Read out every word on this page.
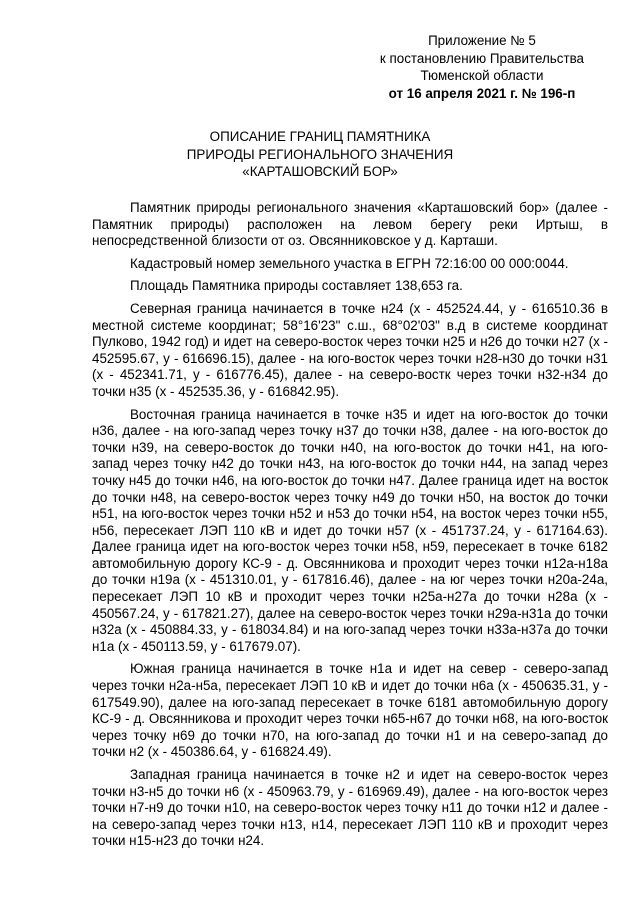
Приложение № 5
к постановлению Правительства
Тюменской области
от 16 апреля 2021 г. № 196-п
ОПИСАНИЕ ГРАНИЦ ПАМЯТНИКА
ПРИРОДЫ РЕГИОНАЛЬНОГО ЗНАЧЕНИЯ
«КАРТАШОВСКИЙ БОР»

Памятник природы регионального значения «Карташовский бор» (далее - Памятник природы) расположен на левом берегу реки Иртыш, в непосредственной близости от оз. Овсянниковское у д. Карташи.

Кадастровый номер земельного участка в ЕГРН 72:16:00 00 000:0044.

Площадь Памятника природы составляет 138,653 га.

Северная граница начинается в точке н24 (х - 452524.44, у - 616510.36 в местной системе координат; 58°16'23" с.ш., 68°02'03" в.д в системе координат Пулково, 1942 год) и идет на северо-восток через точки н25 и н26 до точки н27 (х - 452595.67, у - 616696.15), далее - на юго-восток через точки н28-н30 до точки н31 (х - 452341.71, у - 616776.45), далее - на северо-востк через точки н32-н34 до точки н35 (х - 452535.36, у - 616842.95).

Восточная граница начинается в точке н35 и идет на юго-восток до точки н36, далее - на юго-запад через точку н37 до точки н38, далее - на юго-восток до точки н39, на северо-восток до точки н40, на юго-восток до точки н41, на юго-запад через точку н42 до точки н43, на юго-восток до точки н44, на запад через точку н45 до точки н46, на юго-восток до точки н47. Далее граница идет на восток до точки н48, на северо-восток через точку н49 до точки н50, на восток до точки н51, на юго-восток через точки н52 и н53 до точки н54, на восток через точки н55, н56, пересекает ЛЭП 110 кВ и идет до точки н57 (х - 451737.24, у - 617164.63). Далее граница идет на юго-восток через точки н58, н59, пересекает в точке 6182 автомобильную дорогу КС-9 - д. Овсянникова и проходит через точки н12а-н18а до точки н19а (х - 451310.01, у - 617816.46), далее - на юг через точки н20а-24а, пересекает ЛЭП 10 кВ и проходит через точки н25а-н27а до точки н28а (х - 450567.24, у - 617821.27), далее на северо-восток через точки н29а-н31а до точки н32а (х - 450884.33, у - 618034.84) и на юго-запад через точки н33а-н37а до точки н1а (х - 450113.59, у - 617679.07).

Южная граница начинается в точке н1а и идет на север - северо-запад через точки н2а-н5а, пересекает ЛЭП 10 кВ и идет до точки н6а (х - 450635.31, у - 617549.90), далее на юго-запад пересекает в точке 6181 автомобильную дорогу КС-9 - д. Овсянникова и проходит через точки н65-н67 до точки н68, на юго-восток через точку н69 до точки н70, на юго-запад до точки н1 и на северо-запад до точки н2 (х - 450386.64, у - 616824.49).

Западная граница начинается в точке н2 и идет на северо-восток через точки н3-н5 до точки н6 (х - 450963.79, у - 616969.49), далее - на юго-восток через точки н7-н9 до точки н10, на северо-восток через точку н11 до точки н12 и далее - на северо-запад через точки н13, н14, пересекает ЛЭП 110 кВ и проходит через точки н15-н23 до точки н24.
